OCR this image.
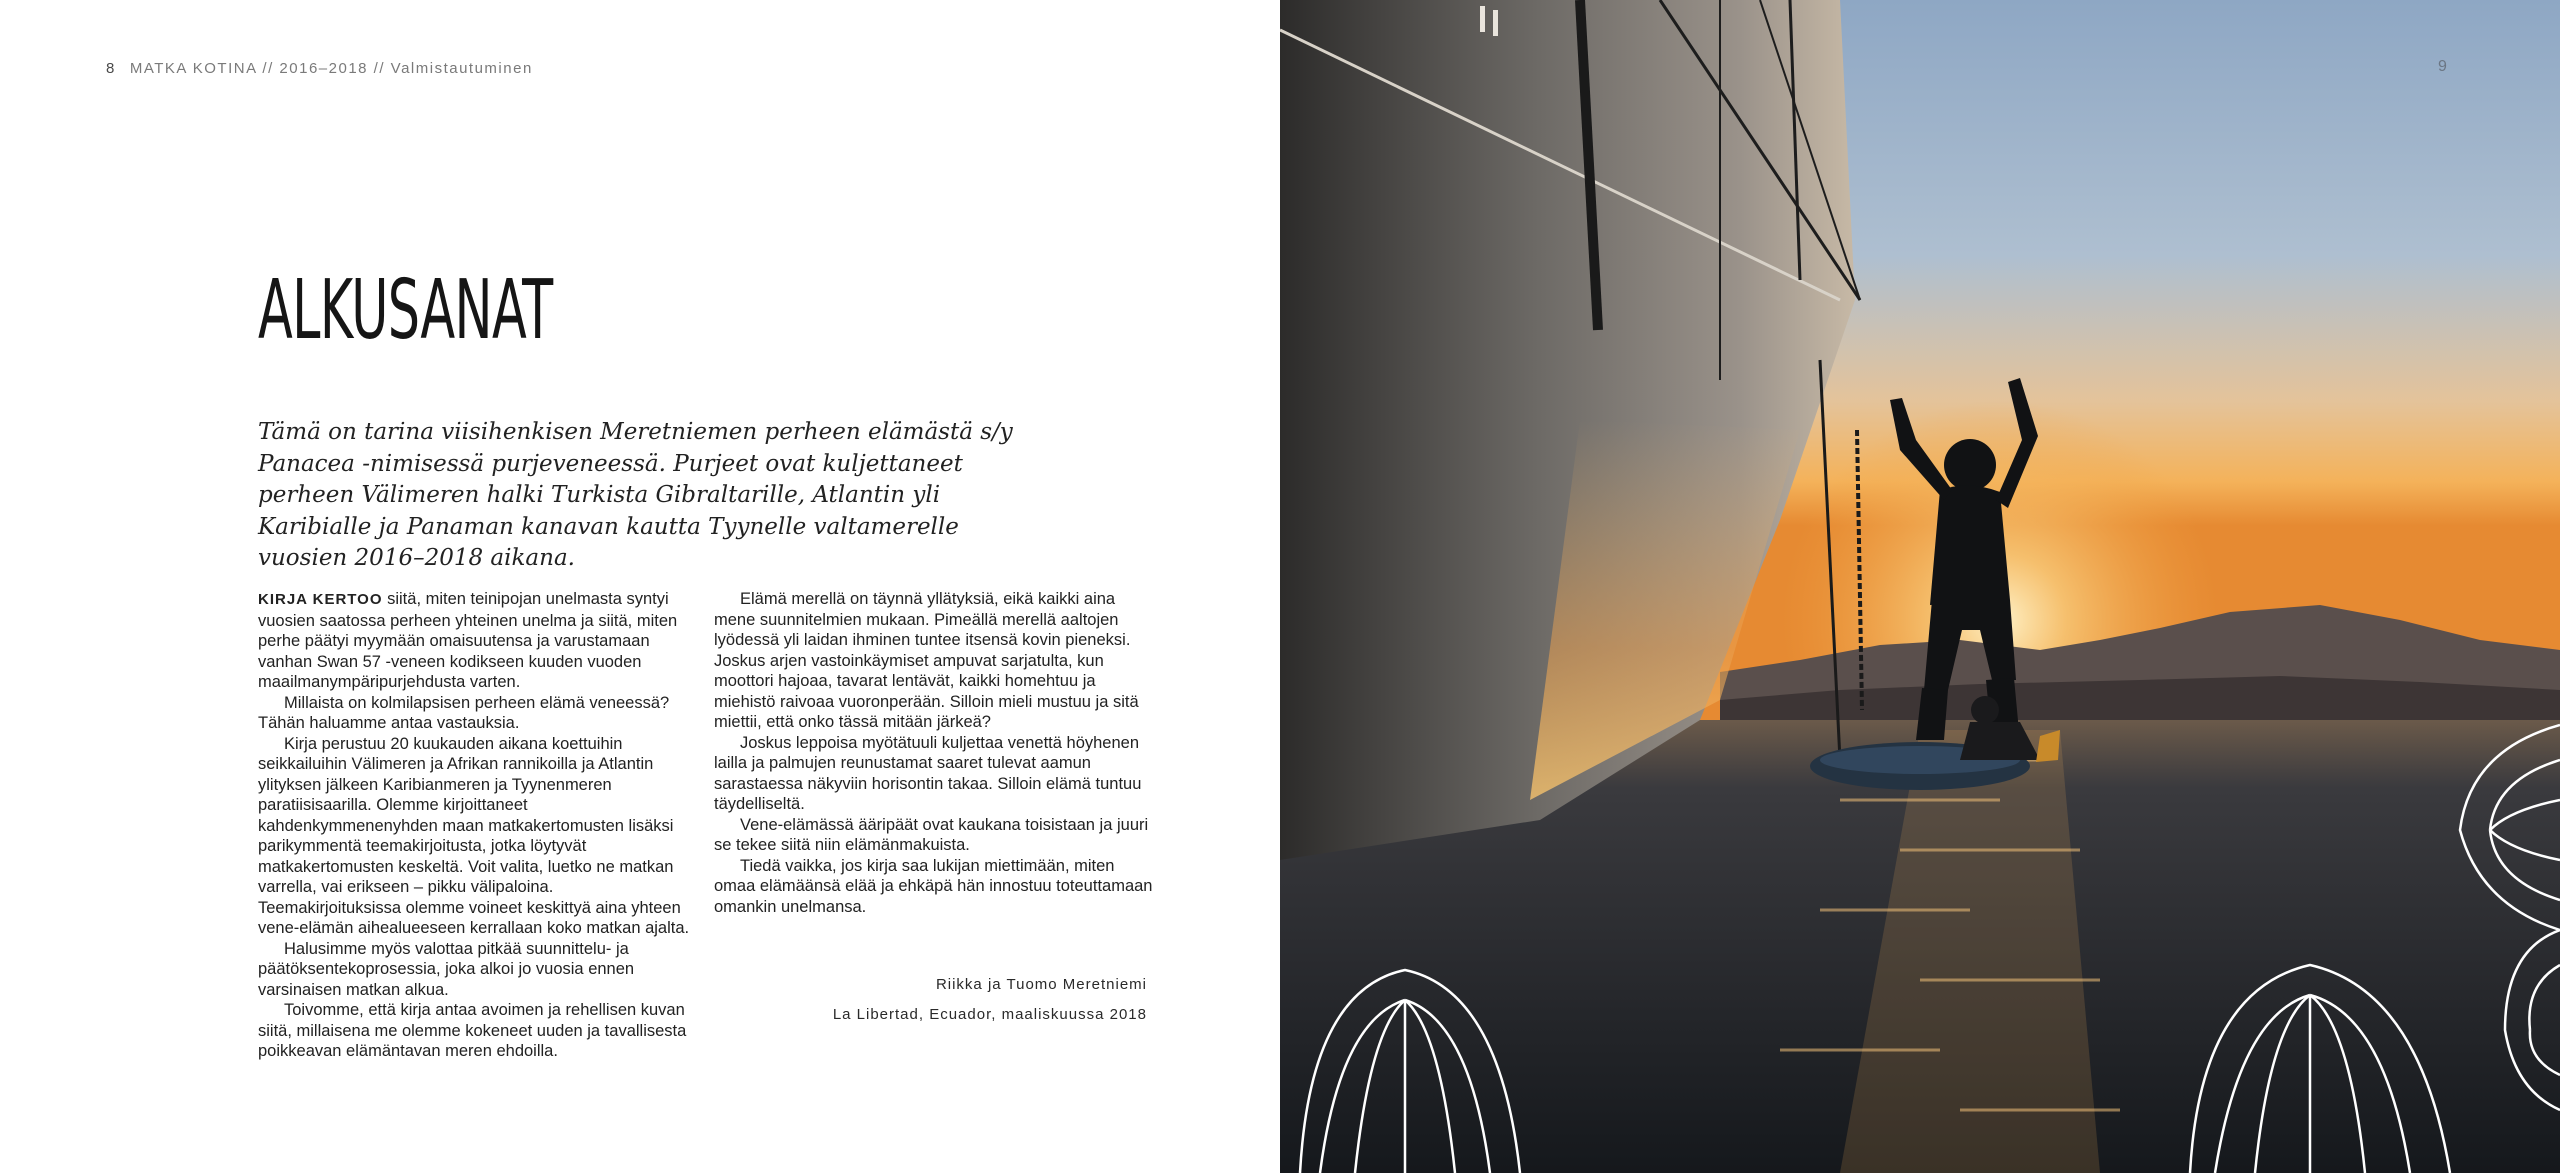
8 MATKA KOTINA // 2016–2018 // Valmistautuminen
ALKUSANAT
Tämä on tarina viisihenkisen Meretniemen perheen elämästä s/y Panacea -nimisessä purjeveneessä. Purjeet ovat kuljettaneet perheen Välimeren halki Turkista Gibraltarille, Atlantin yli Karibialle ja Panaman kanavan kautta Tyynelle valtamerelle vuosien 2016–2018 aikana.

KIRJA KERTOO siitä, miten teinipojan unelmasta syntyi vuosien saatossa perheen yhteinen unelma ja siitä, miten perhe päätyi myymään omaisuutensa ja varustamaan vanhan Swan 57 -veneen kodikseen kuuden vuoden maailmanympäripurjehdusta varten.

Millaista on kolmilapsisen perheen elämä veneessä? Tähän haluamme antaa vastauksia.

Kirja perustuu 20 kuukauden aikana koettuihin seikkailuihin Välimeren ja Afrikan rannikoilla ja Atlantin ylityksen jälkeen Karibianmeren ja Tyynenmeren paratiisisaarilla. Olemme kirjoittaneet kahdenkymmenenyhden maan matkakertomusten lisäksi parikymmentä teemakirjoitusta, jotka löytyvät matkakertomusten keskeltä. Voit valita, luetko ne matkan varrella, vai erikseen – pikku välipaloina. Teemakirjoituksissa olemme voineet keskittyä aina yhteen vene-elämän aihealueeseen kerrallaan koko matkan ajalta.

Halusimme myös valottaa pitkää suunnittelu- ja päätöksentekoprosessia, joka alkoi jo vuosia ennen varsinaisen matkan alkua.

Toivomme, että kirja antaa avoimen ja rehellisen kuvan siitä, millaisena me olemme kokeneet uuden ja tavallisesta poikkeavan elämäntavan meren ehdoilla.

Elämä merellä on täynnä yllätyksiä, eikä kaikki aina mene suunnitelmien mukaan. Pimeällä merellä aaltojen lyödessä yli laidan ihminen tuntee itsensä kovin pieneksi. Joskus arjen vastoinkäymiset ampuvat sarjatulta, kun moottori hajoaa, tavarat lentävät, kaikki homehtuu ja miehistö raivoaa vuoronperään. Silloin mieli mustuu ja sitä miettii, että onko tässä mitään järkeä?

Joskus leppoisa myötätuuli kuljettaa venettä höyhenen lailla ja palmujen reunustamat saaret tulevat aamun sarastaessa näkyviin horisontin takaa. Silloin elämä tuntuu täydelliseltä.

Vene-elämässä ääripäät ovat kaukana toisistaan ja juuri se tekee siitä niin elämänmakuista.

Tiedä vaikka, jos kirja saa lukijan miettimään, miten omaa elämäänsä elää ja ehkäpä hän innostuu toteuttamaan omankin unelmansa.

Riikka ja Tuomo Meretniemi
La Libertad, Ecuador, maaliskuussa 2018
9
